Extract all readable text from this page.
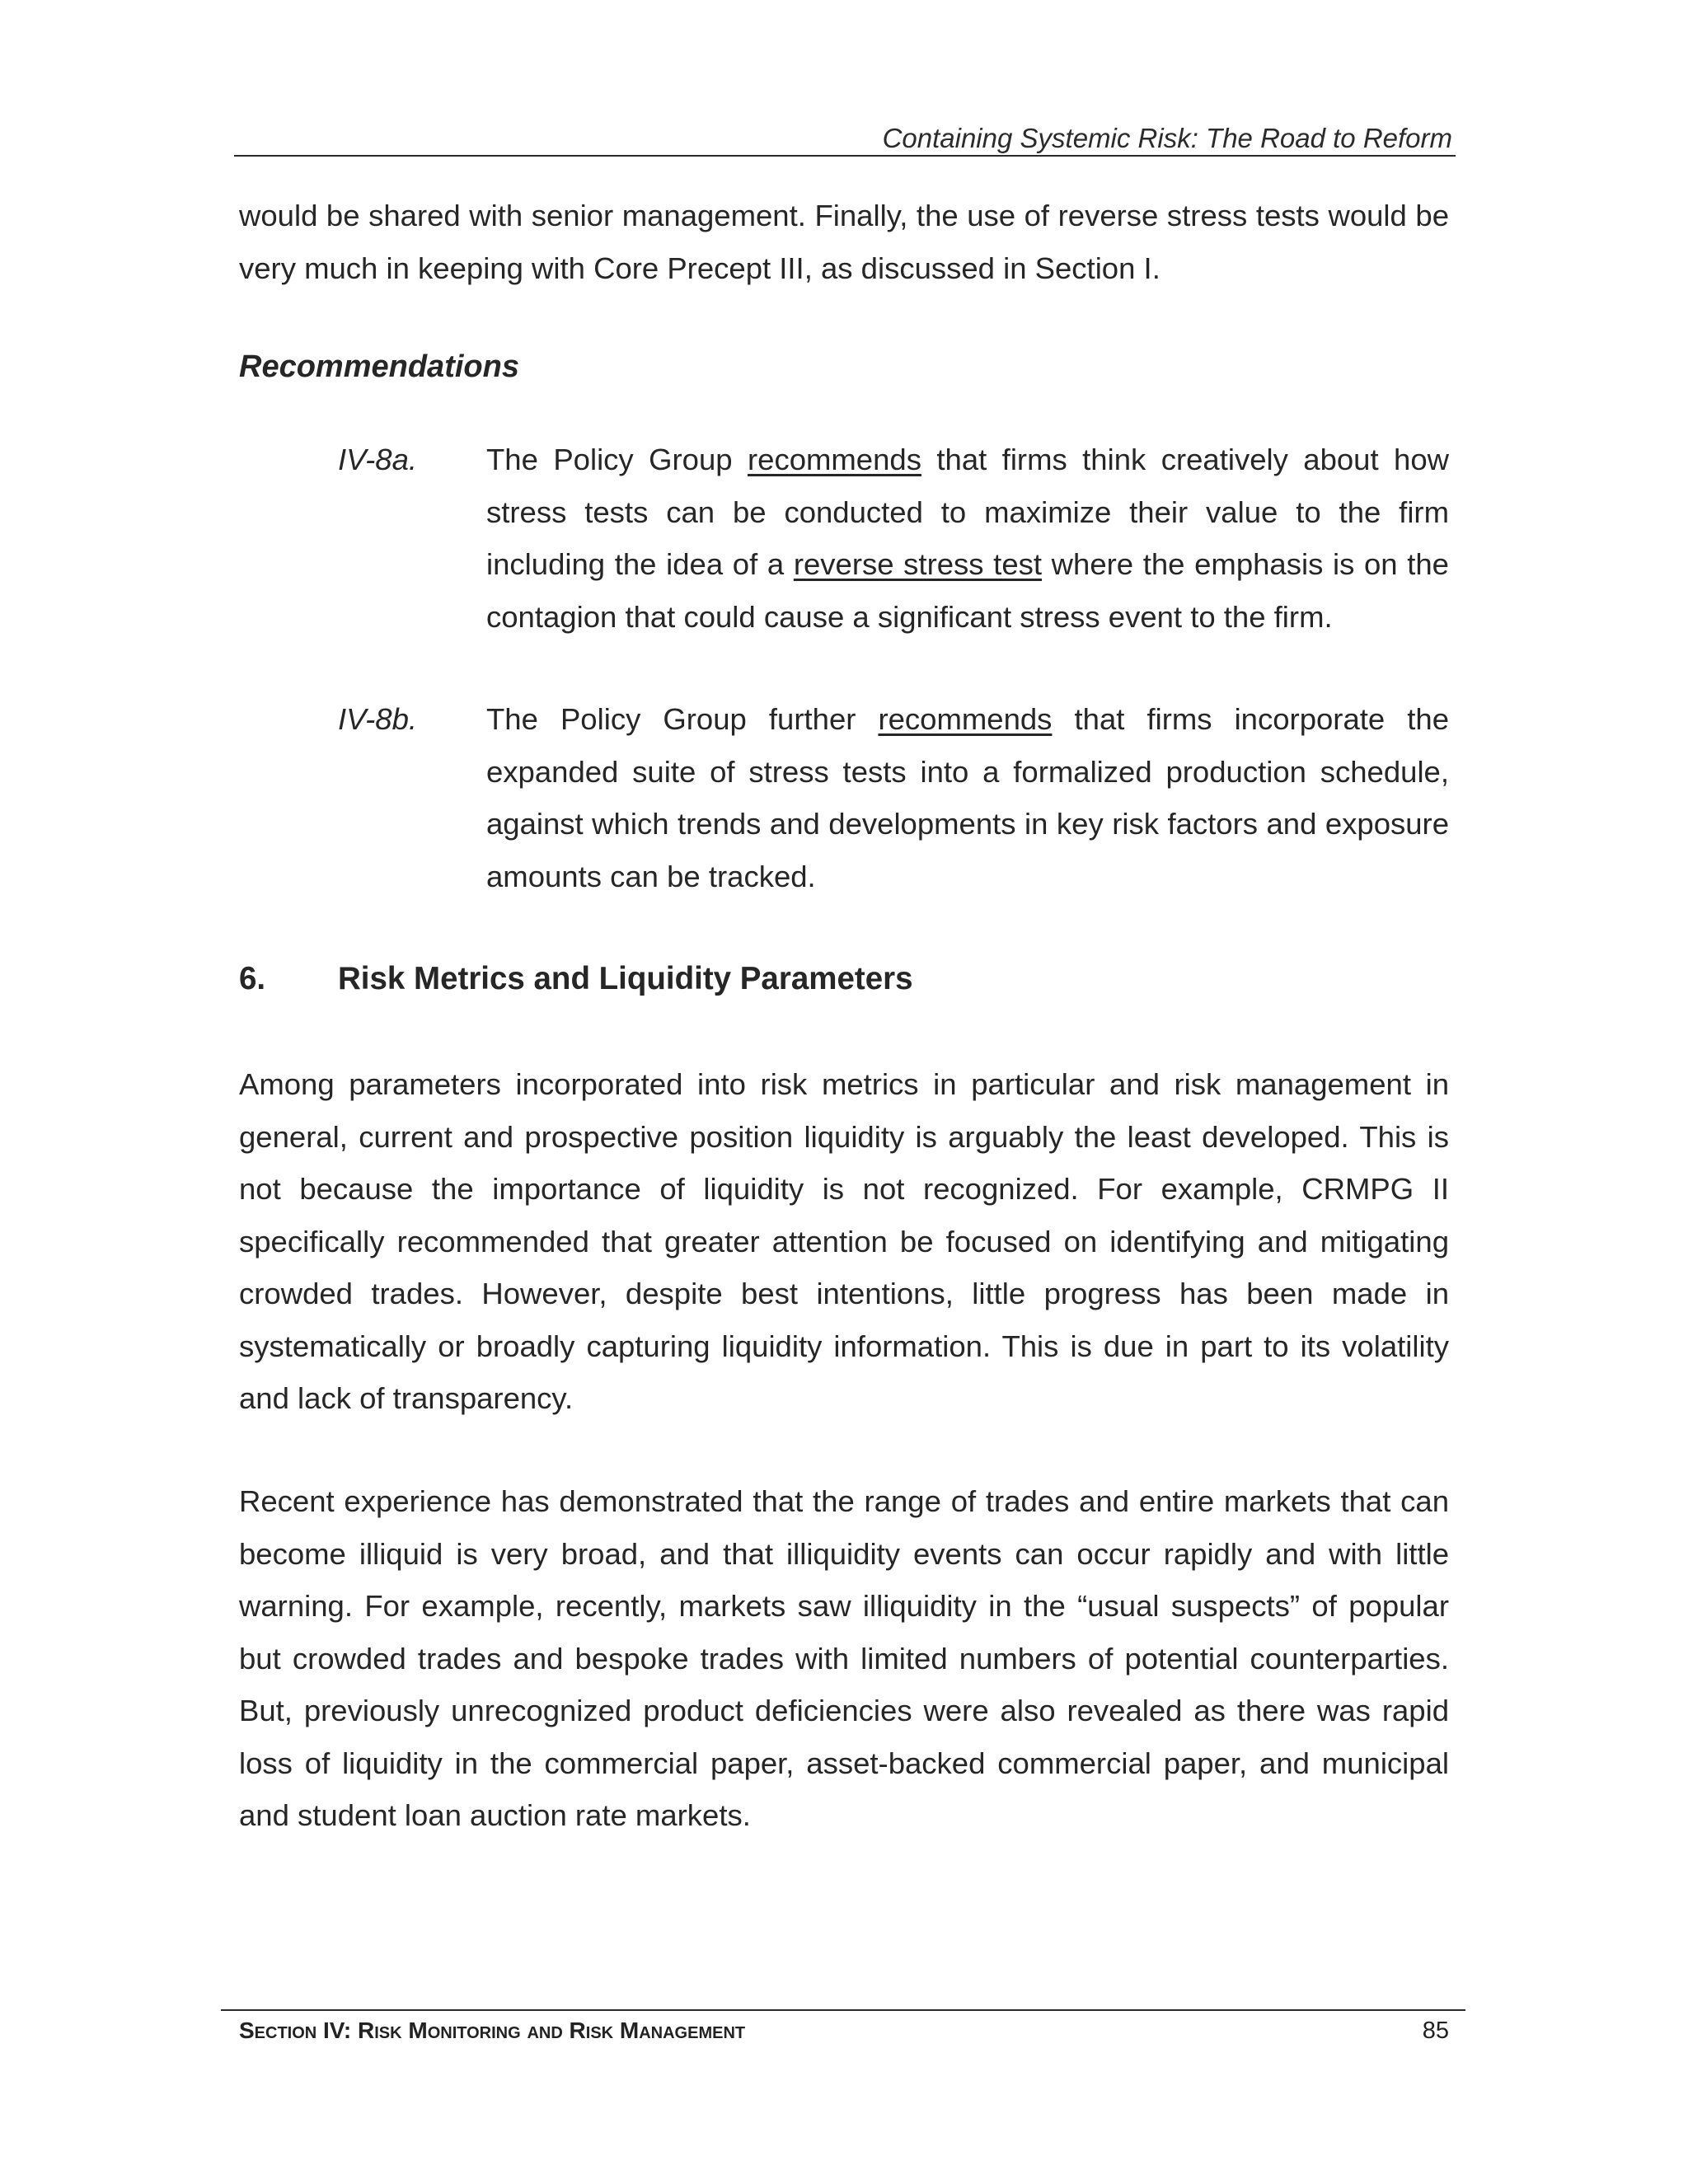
Containing Systemic Risk: The Road to Reform
would be shared with senior management. Finally, the use of reverse stress tests would be very much in keeping with Core Precept III, as discussed in Section I.
Recommendations
IV-8a. The Policy Group recommends that firms think creatively about how stress tests can be conducted to maximize their value to the firm including the idea of a reverse stress test where the emphasis is on the contagion that could cause a significant stress event to the firm.
IV-8b. The Policy Group further recommends that firms incorporate the expanded suite of stress tests into a formalized production schedule, against which trends and developments in key risk factors and exposure amounts can be tracked.
6. Risk Metrics and Liquidity Parameters
Among parameters incorporated into risk metrics in particular and risk management in general, current and prospective position liquidity is arguably the least developed. This is not because the importance of liquidity is not recognized. For example, CRMPG II specifically recommended that greater attention be focused on identifying and mitigating crowded trades. However, despite best intentions, little progress has been made in systematically or broadly capturing liquidity information. This is due in part to its volatility and lack of transparency.
Recent experience has demonstrated that the range of trades and entire markets that can become illiquid is very broad, and that illiquidity events can occur rapidly and with little warning. For example, recently, markets saw illiquidity in the “usual suspects” of popular but crowded trades and bespoke trades with limited numbers of potential counterparties. But, previously unrecognized product deficiencies were also revealed as there was rapid loss of liquidity in the commercial paper, asset-backed commercial paper, and municipal and student loan auction rate markets.
Section IV: Risk Monitoring and Risk Management	85
